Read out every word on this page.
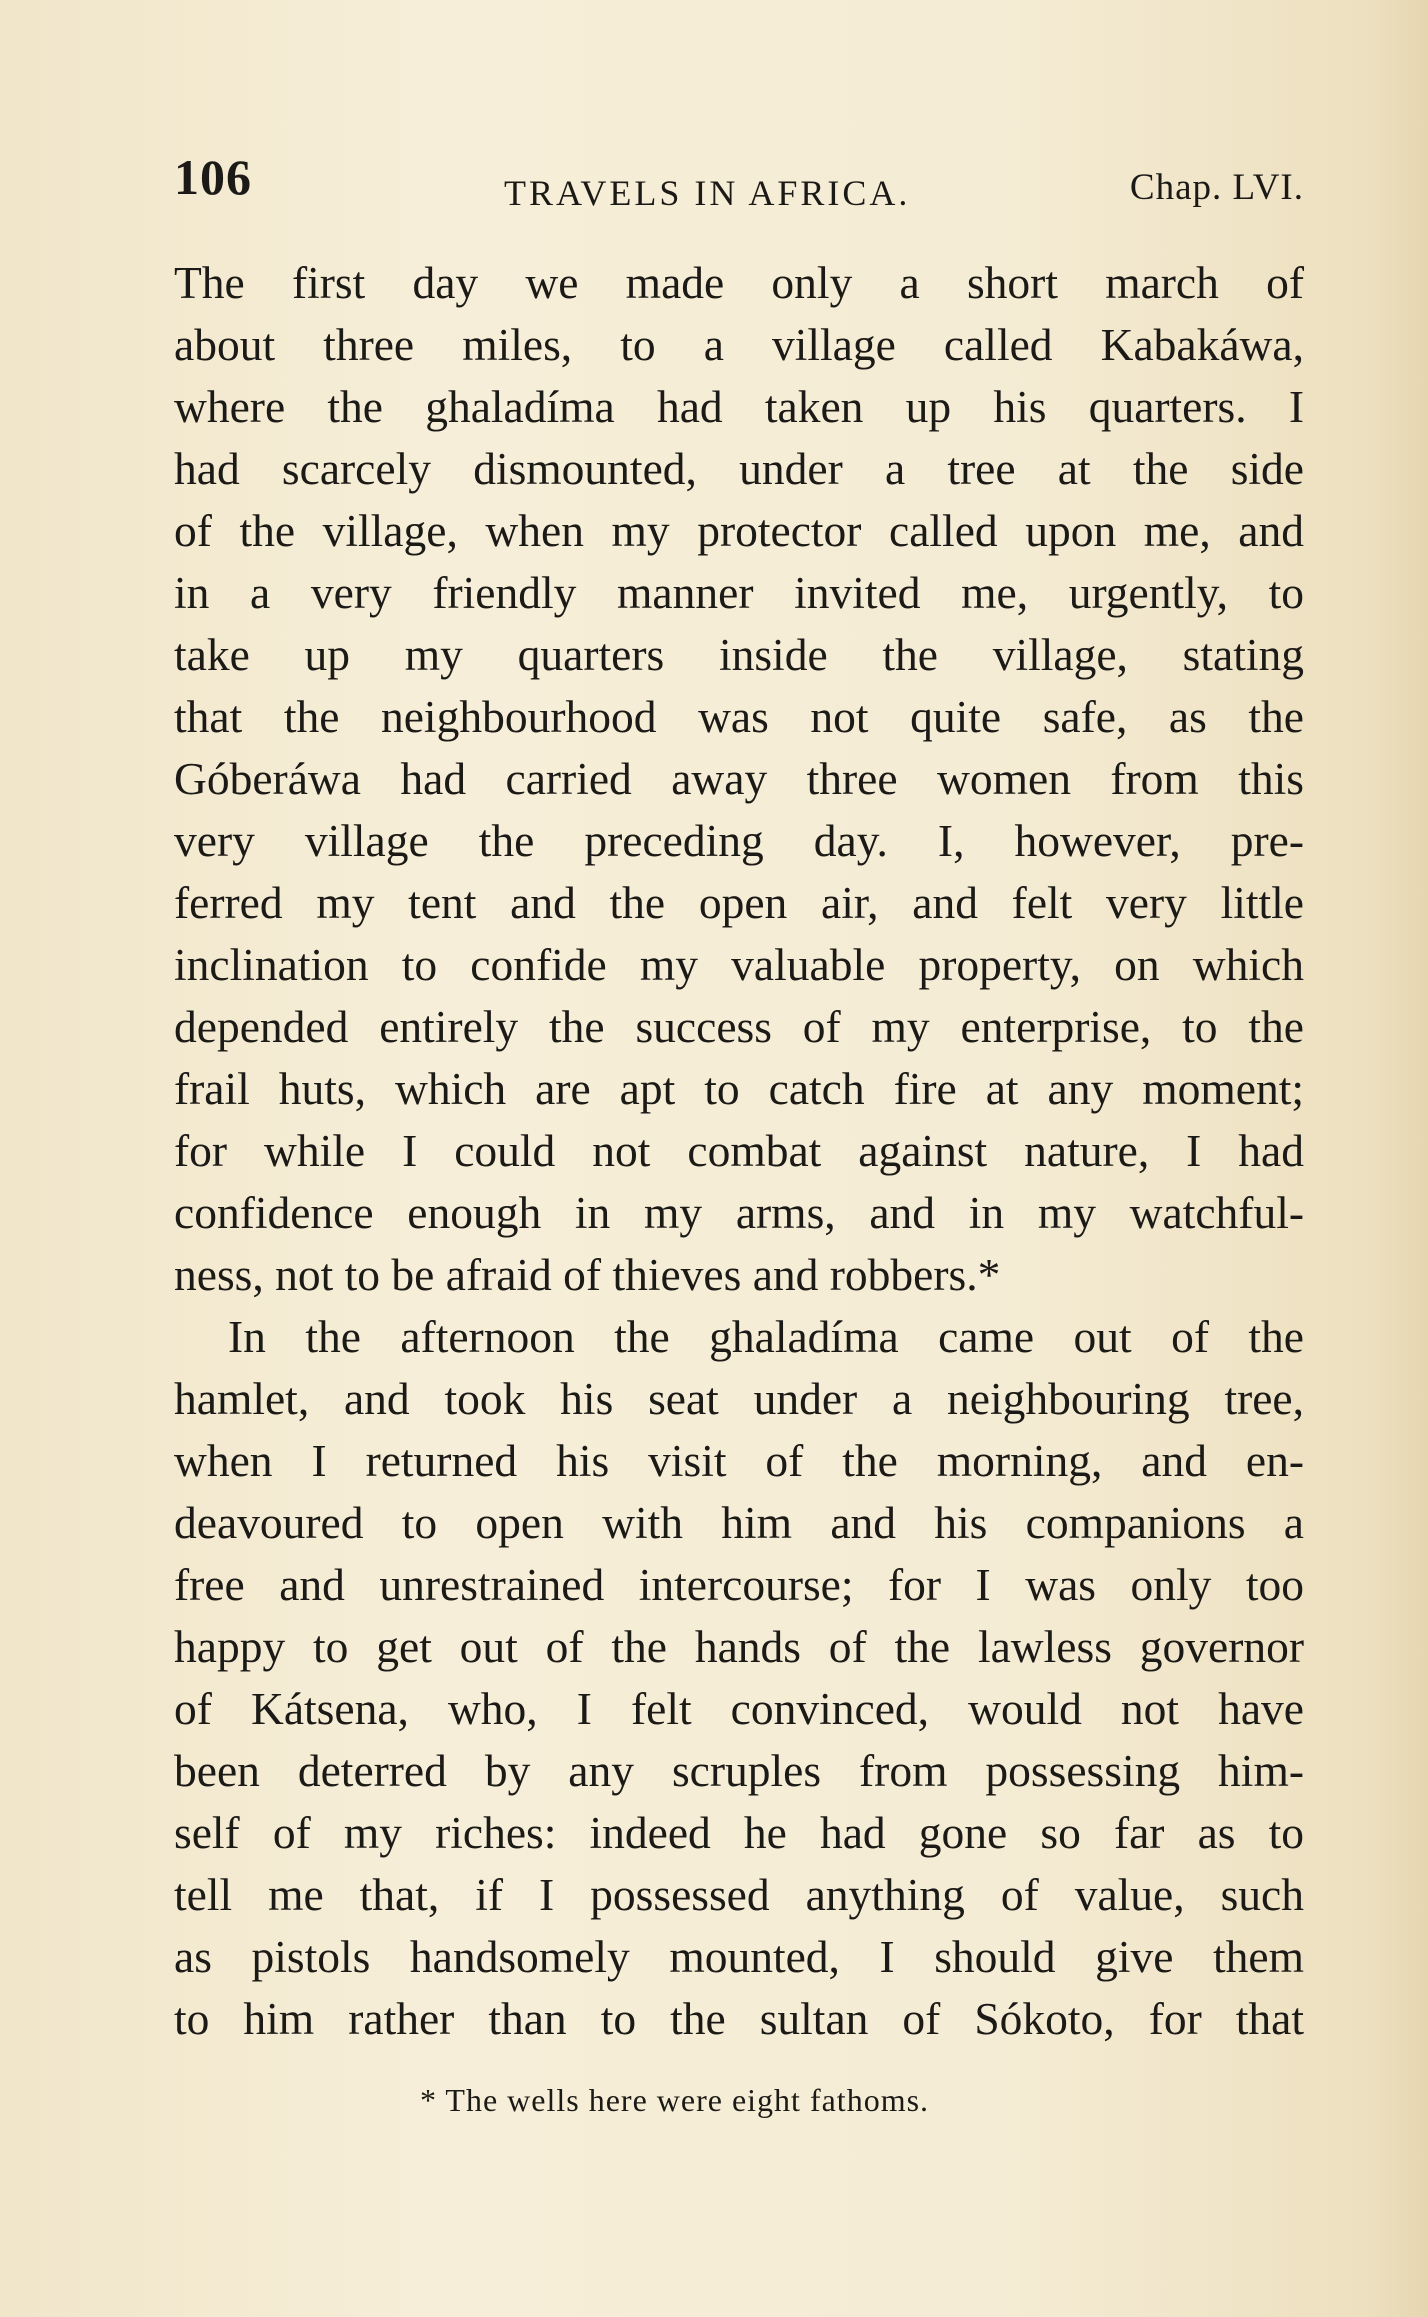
106	TRAVELS IN AFRICA.	Chap. LVI.
The first day we made only a short march of
about three miles, to a village called Kabakáwa,
where the ghaladíma had taken up his quarters. I
had scarcely dismounted, under a tree at the side
of the village, when my protector called upon me, and
in a very friendly manner invited me, urgently, to
take up my quarters inside the village, stating
that the neighbourhood was not quite safe, as the
Góberáwa had carried away three women from this
very village the preceding day. I, however, pre-
ferred my tent and the open air, and felt very little
inclination to confide my valuable property, on which
depended entirely the success of my enterprise, to the
frail huts, which are apt to catch fire at any moment;
for while I could not combat against nature, I had
confidence enough in my arms, and in my watchful-
ness, not to be afraid of thieves and robbers.*
In the afternoon the ghaladíma came out of the
hamlet, and took his seat under a neighbouring tree,
when I returned his visit of the morning, and en-
deavoured to open with him and his companions a
free and unrestrained intercourse; for I was only too
happy to get out of the hands of the lawless governor
of Kátsena, who, I felt convinced, would not have
been deterred by any scruples from possessing him-
self of my riches: indeed he had gone so far as to
tell me that, if I possessed anything of value, such
as pistols handsomely mounted, I should give them
to him rather than to the sultan of Sókoto, for that
* The wells here were eight fathoms.
